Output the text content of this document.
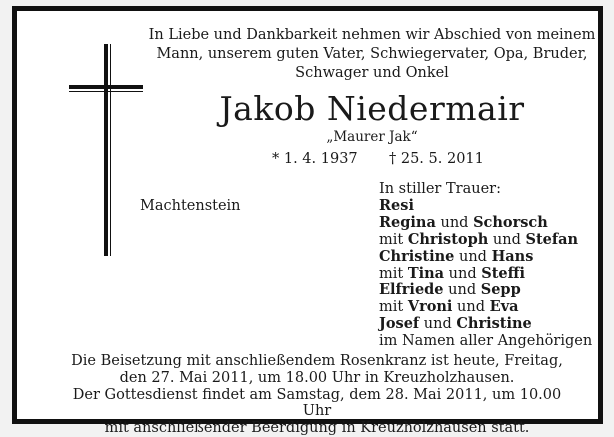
In Liebe und Dankbarkeit nehmen wir Abschied von meinem
Mann, unserem guten Vater, Schwiegervater, Opa, Bruder,
Schwager und Onkel
Jakob Niedermair
„Maurer Jak“
* 1. 4. 1937 † 25. 5. 2011
Machtenstein
In stiller Trauer:
Resi
Regina und Schorsch
mit Christoph und Stefan
Christine und Hans
mit Tina und Steffi
Elfriede und Sepp
mit Vroni und Eva
Josef und Christine
im Namen aller Angehörigen
Die Beisetzung mit anschließendem Rosenkranz ist heute, Freitag,
den 27. Mai 2011, um 18.00 Uhr in Kreuzholzhausen.
Der Gottesdienst findet am Samstag, dem 28. Mai 2011, um 10.00 Uhr
mit anschließender Beerdigung in Kreuzholzhausen statt.
